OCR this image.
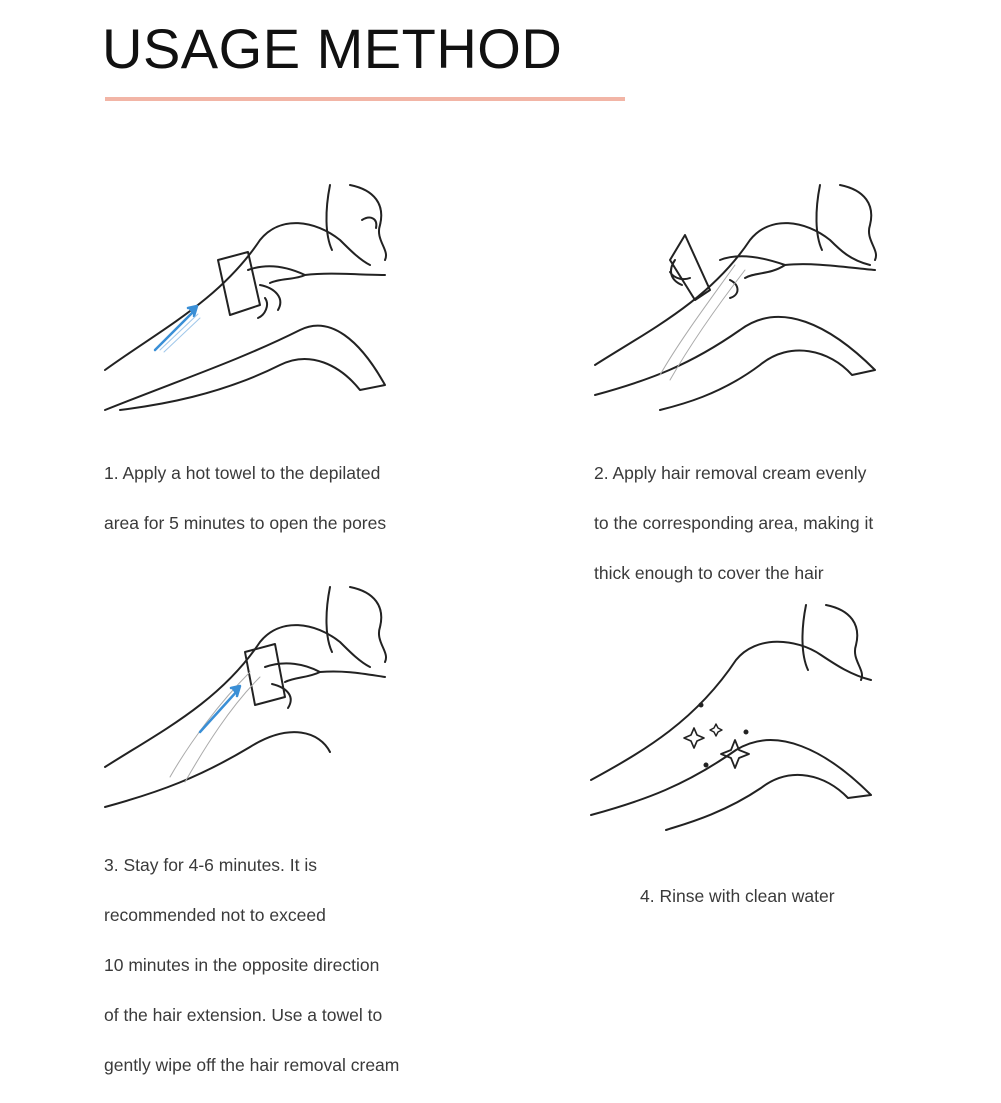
USAGE METHOD

1. Apply a hot towel to the depilated

area for 5 minutes to open the pores

2. Apply hair removal cream evenly

to the corresponding area, making it

thick enough to cover the hair

3. Stay for 4-6 minutes. It is

recommended not to exceed

10 minutes in the opposite direction

of the hair extension. Use a towel to

gently wipe off the hair removal cream

4. Rinse with clean water
